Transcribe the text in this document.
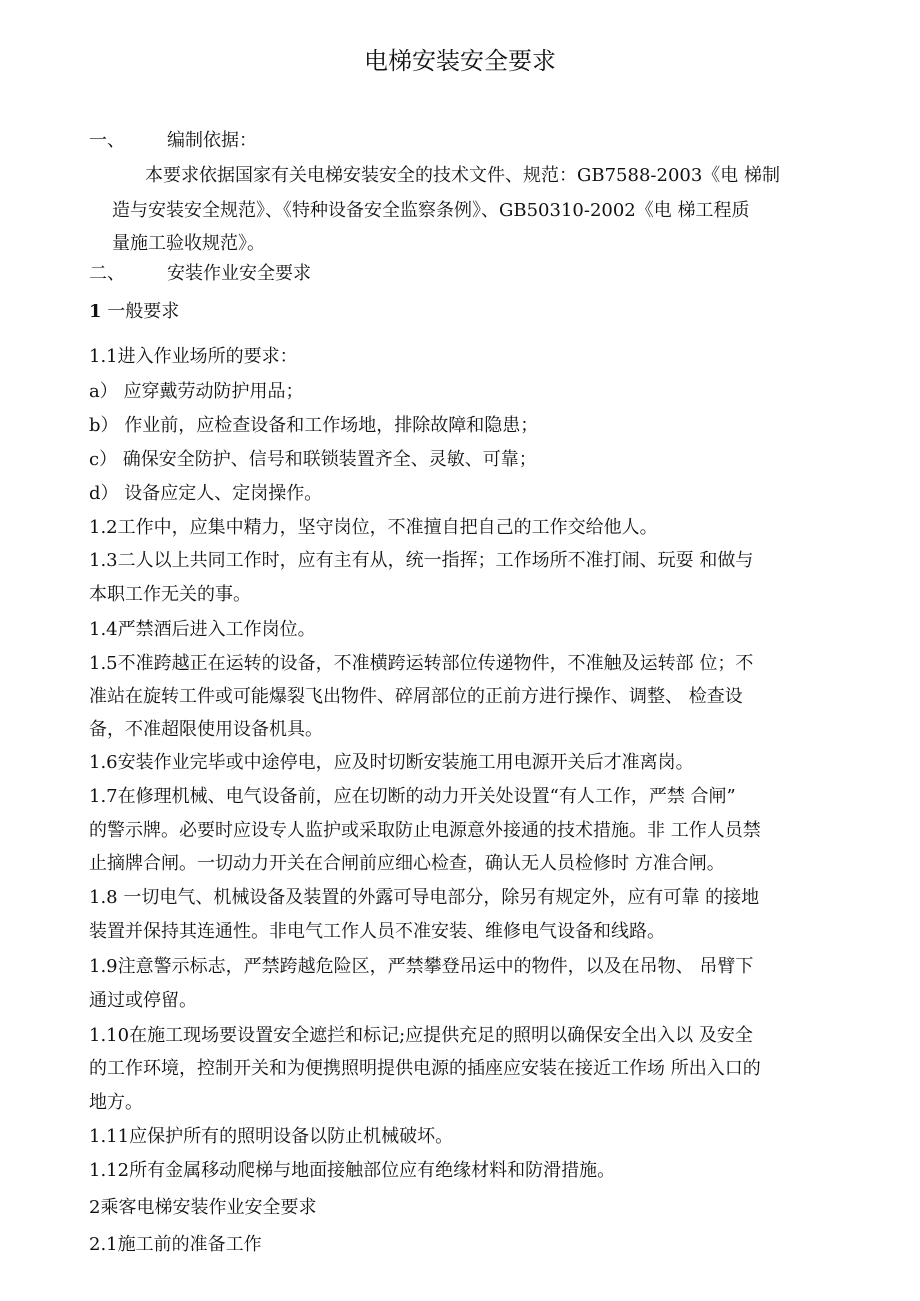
电梯安装安全要求
一、 编制依据：
本要求依据国家有关电梯安装安全的技术文件、规范：GB7588-2003《电 梯制
造与安装安全规范》、《特种设备安全监察条例》、GB50310-2002《电 梯工程质
量施工验收规范》。
二、 安装作业安全要求
1 一般要求
1.1进入作业场所的要求：
a） 应穿戴劳动防护用品；
b） 作业前，应检查设备和工作场地，排除故障和隐患；
c） 确保安全防护、信号和联锁装置齐全、灵敏、可靠；
d） 设备应定人、定岗操作。
1.2工作中，应集中精力，坚守岗位，不准擅自把自己的工作交给他人。
1.3二人以上共同工作时，应有主有从，统一指挥；工作场所不准打闹、玩耍 和做与
本职工作无关的事。
1.4严禁酒后进入工作岗位。
1.5不准跨越正在运转的设备，不准横跨运转部位传递物件，不准触及运转部 位；不
准站在旋转工件或可能爆裂飞出物件、碎屑部位的正前方进行操作、调整、 检查设
备，不准超限使用设备机具。
1.6安装作业完毕或中途停电，应及时切断安装施工用电源开关后才准离岗。
1.7在修理机械、电气设备前，应在切断的动力开关处设置“有人工作，严禁 合闸”
的警示牌。必要时应设专人监护或采取防止电源意外接通的技术措施。非 工作人员禁
止摘牌合闸。一切动力开关在合闸前应细心检查，确认无人员检修时 方准合闸。
1.8 一切电气、机械设备及装置的外露可导电部分，除另有规定外，应有可靠 的接地
装置并保持其连通性。非电气工作人员不准安装、维修电气设备和线路。
1.9注意警示标志，严禁跨越危险区，严禁攀登吊运中的物件，以及在吊物、 吊臂下
通过或停留。
1.10在施工现场要设置安全遮拦和标记;应提供充足的照明以确保安全出入以 及安全
的工作环境，控制开关和为便携照明提供电源的插座应安装在接近工作场 所出入口的
地方。
1.11应保护所有的照明设备以防止机械破坏。
1.12所有金属移动爬梯与地面接触部位应有绝缘材料和防滑措施。
2乘客电梯安装作业安全要求
2.1施工前的准备工作
